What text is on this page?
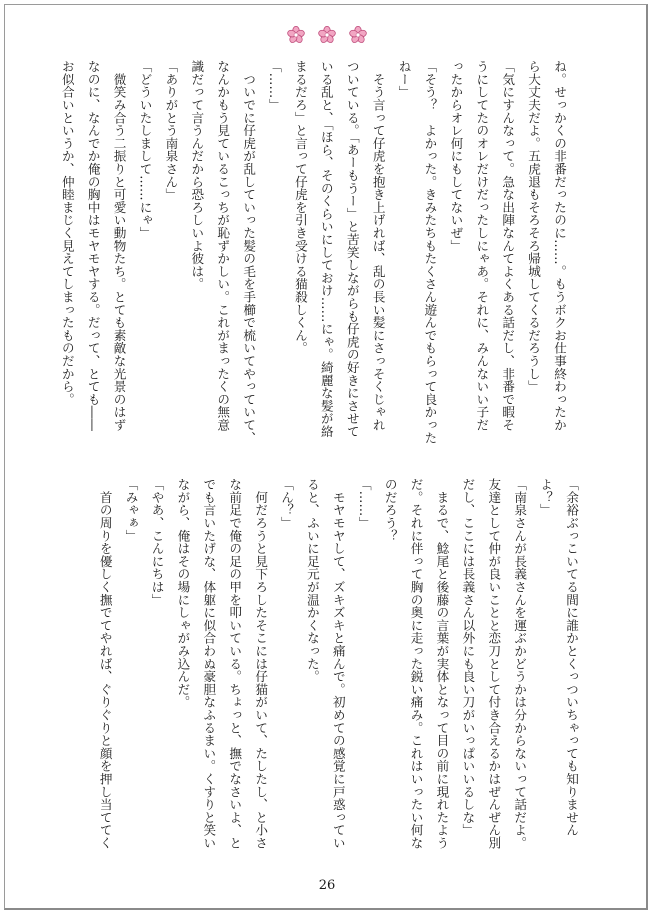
ね。せっかくの非番だったのに……。もうボクお仕事終わったか
ら大丈夫だよ。五虎退もそろそろ帰城してくるだろうし」
「気にすんなって。急な出陣なんてよくある話だし、非番で暇そ
うにしてたのオレだけだったしにゃあ。それに、みんないい子だ
ったからオレ何にもしてないぜ」
「そう？　よかった。きみたちもたくさん遊んでもらって良かった
ねー」
　そう言って仔虎を抱き上げれば、乱の長い髪にさっそくじゃれ
ついている。「あーもうー」と苦笑しながらも仔虎の好きにさせて
いる乱と、「ほら、そのくらいにしておけ……にゃ。綺麗な髪が絡
まるだろ」と言って仔虎を引き受ける猫殺しくん。
「……」
　ついでに仔虎が乱していった髪の毛を手櫛で梳いてやっていて、
なんかもう見ているこっちが恥ずかしい。これがまったくの無意
識だって言うんだから恐ろしいよ彼は。
「ありがとう南泉さん」
「どういたしまして……にゃ」
　微笑み合う二振りと可愛い動物たち。とても素敵な光景のはず
なのに、なんでか俺の胸中はモヤモヤする。だって、とても――
お似合いというか、仲睦まじく見えてしまったものだから。
「余裕ぶっこいてる間に誰かとくっついちゃっても知りません
よ？」
「南泉さんが長義さんを運ぶかどうかは分からないって話だよ。
友達として仲が良いことと恋刀として付き合えるかはぜんぜん別
だし、ここには長義さん以外にも良い刀がいっぱいいるしな」
　まるで、鯰尾と後藤の言葉が実体となって目の前に現れたよう
だ。それに伴って胸の奥に走った鋭い痛み。これはいったい何な
のだろう？
「……」
　モヤモヤして、ズキズキと痛んで。初めての感覚に戸惑ってい
ると、ふいに足元が温かくなった。
「ん？」
　何だろうと見下ろしたそこには仔猫がいて、たしたし、と小さ
な前足で俺の足の甲を叩いている。ちょっと、撫でなさいよ、と
でも言いたげな、体躯に似合わぬ豪胆なふるまい。くすりと笑い
ながら、俺はその場にしゃがみ込んだ。
「やあ、こんにちは」
「みゃぁ」
　首の周りを優しく撫でてやれば、ぐりぐりと顔を押し当ててく
26
